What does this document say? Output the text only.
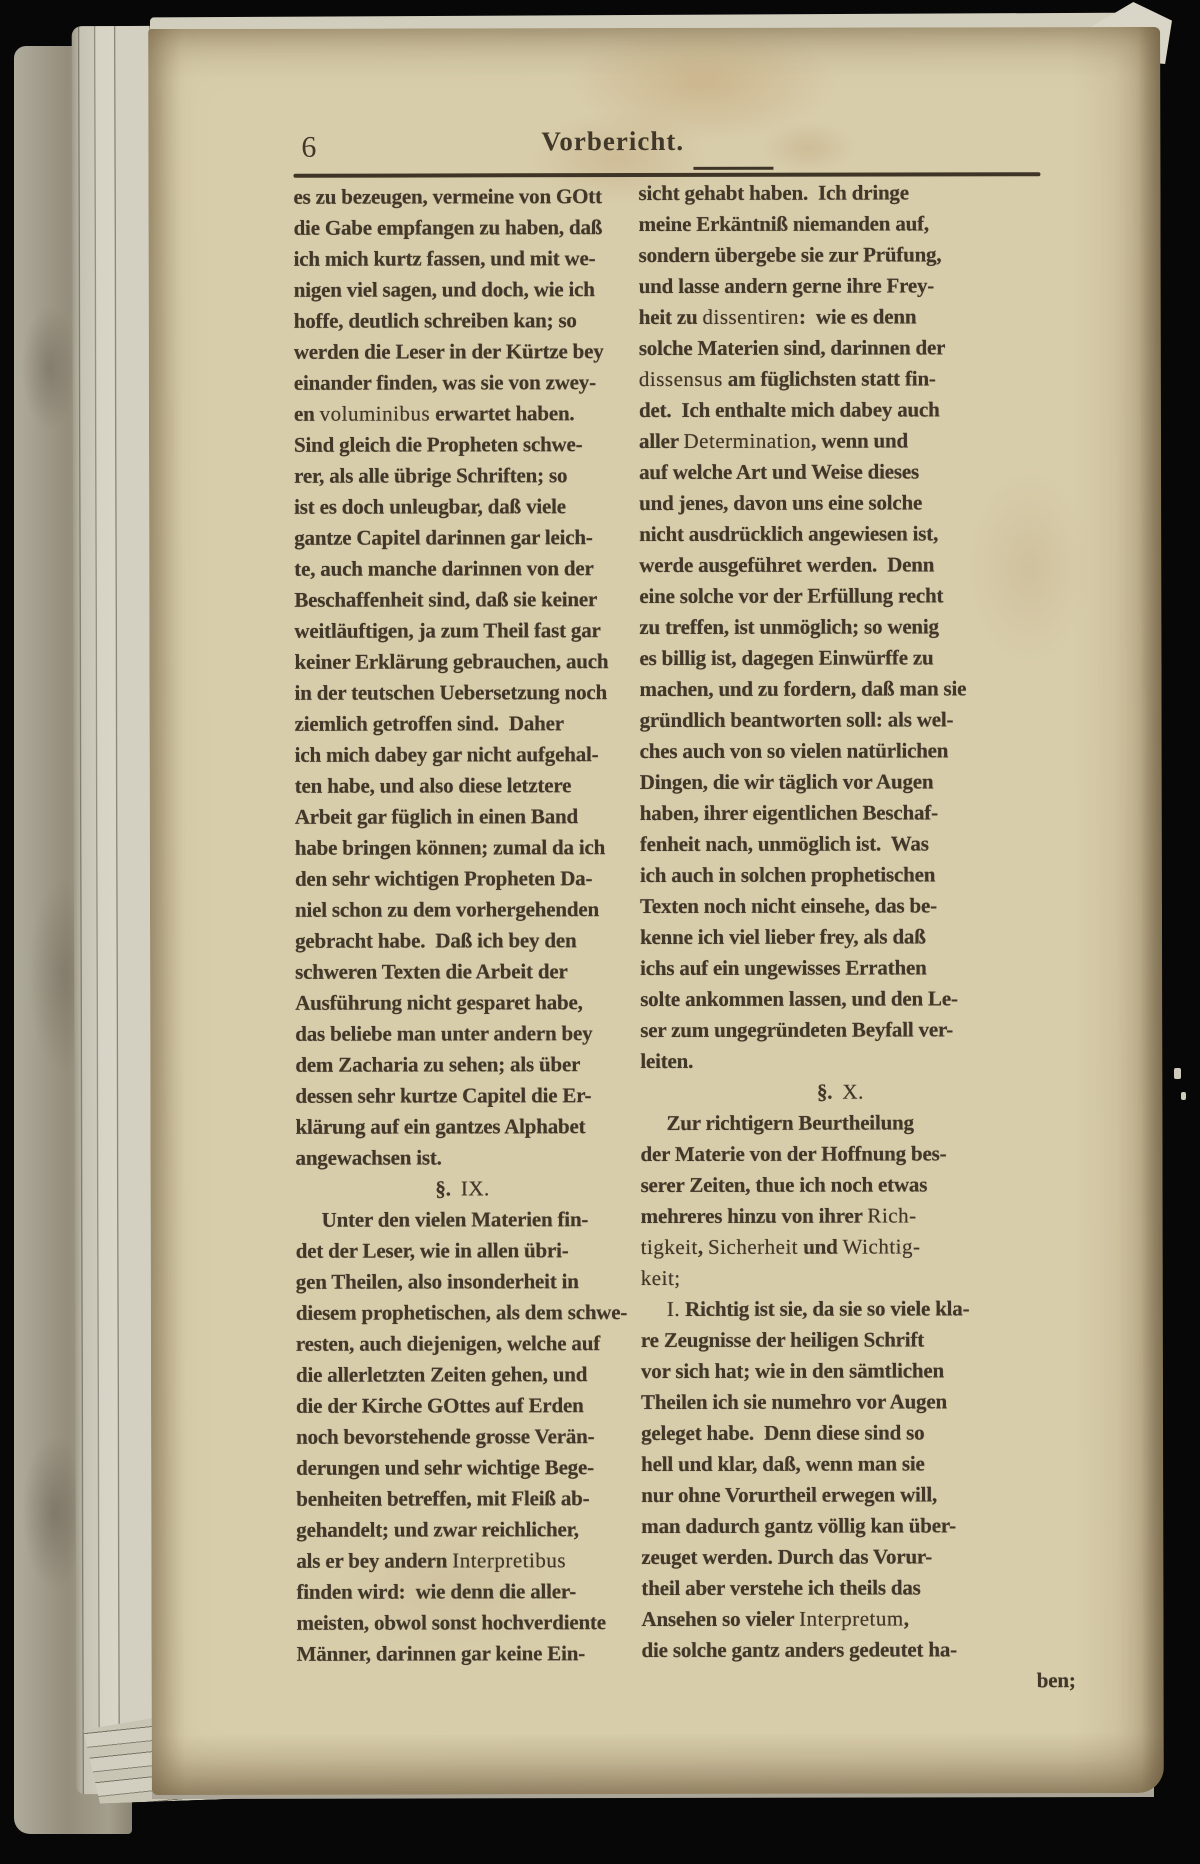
6	Vorbericht.
es zu bezeugen, vermeine von GOtt
die Gabe empfangen zu haben, daß
ich mich kurtz fassen, und mit we-
nigen viel sagen, und doch, wie ich
hoffe, deutlich schreiben kan; so
werden die Leser in der Kürtze bey
einander finden, was sie von zwey-
en voluminibus erwartet haben.
Sind gleich die Propheten schwe-
rer, als alle übrige Schriften; so
ist es doch unleugbar, daß viele
gantze Capitel darinnen gar leich-
te, auch manche darinnen von der
Beschaffenheit sind, daß sie keiner
weitläuftigen, ja zum Theil fast gar
keiner Erklärung gebrauchen, auch
in der teutschen Uebersetzung noch
ziemlich getroffen sind.  Daher
ich mich dabey gar nicht aufgehal-
ten habe, und also diese letztere
Arbeit gar füglich in einen Band
habe bringen können; zumal da ich
den sehr wichtigen Propheten Da-
niel schon zu dem vorhergehenden
gebracht habe.  Daß ich bey den
schweren Texten die Arbeit der
Ausführung nicht gesparet habe,
das beliebe man unter andern bey
dem Zacharia zu sehen; als über
dessen sehr kurtze Capitel die Er-
klärung auf ein gantzes Alphabet
angewachsen ist.
§.  IX.
Unter den vielen Materien fin-
det der Leser, wie in allen übri-
gen Theilen, also insonderheit in
diesem prophetischen, als dem schwe-
resten, auch diejenigen, welche auf
die allerletzten Zeiten gehen, und
die der Kirche GOttes auf Erden
noch bevorstehende grosse Verän-
derungen und sehr wichtige Bege-
benheiten betreffen, mit Fleiß ab-
gehandelt; und zwar reichlicher,
als er bey andern Interpretibus
finden wird:  wie denn die aller-
meisten, obwol sonst hochverdiente
Männer, darinnen gar keine Ein-
sicht gehabt haben.  Ich dringe
meine Erkäntniß niemanden auf,
sondern übergebe sie zur Prüfung,
und lasse andern gerne ihre Frey-
heit zu dissentiren:  wie es denn
solche Materien sind, darinnen der
dissensus am füglichsten statt fin-
det.  Ich enthalte mich dabey auch
aller Determination, wenn und
auf welche Art und Weise dieses
und jenes, davon uns eine solche
nicht ausdrücklich angewiesen ist,
werde ausgeführet werden.  Denn
eine solche vor der Erfüllung recht
zu treffen, ist unmöglich; so wenig
es billig ist, dagegen Einwürffe zu
machen, und zu fordern, daß man sie
gründlich beantworten soll: als wel-
ches auch von so vielen natürlichen
Dingen, die wir täglich vor Augen
haben, ihrer eigentlichen Beschaf-
fenheit nach, unmöglich ist.  Was
ich auch in solchen prophetischen
Texten noch nicht einsehe, das be-
kenne ich viel lieber frey, als daß
ichs auf ein ungewisses Errathen
solte ankommen lassen, und den Le-
ser zum ungegründeten Beyfall ver-
leiten.
§.  X.
Zur richtigern Beurtheilung
der Materie von der Hoffnung bes-
serer Zeiten, thue ich noch etwas
mehreres hinzu von ihrer Rich-
tigkeit, Sicherheit und Wichtig-
keit;
I. Richtig ist sie, da sie so viele kla-
re Zeugnisse der heiligen Schrift
vor sich hat; wie in den sämtlichen
Theilen ich sie numehro vor Augen
geleget habe.  Denn diese sind so
hell und klar, daß, wenn man sie
nur ohne Vorurtheil erwegen will,
man dadurch gantz völlig kan über-
zeuget werden. Durch das Vorur-
theil aber verstehe ich theils das
Ansehen so vieler Interpretum,
die solche gantz anders gedeutet ha-
ben;
